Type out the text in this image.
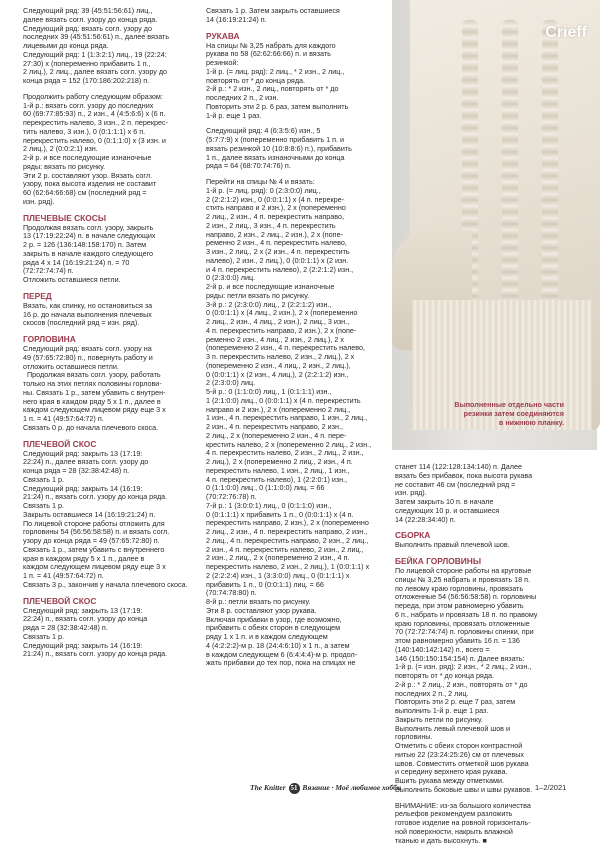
Crieff
Выполненные отдельно части
резинки затем соединяются
в нижнюю планку.
Следующий ряд: 39 (45:51:56:61) лиц.,
далее вязать согл. узору до конца ряда.
Следующий ряд: вязать согл. узору до
последних 39 (45:51:56:61) п., далее вязать
лицевыми до конца ряда.
Следующий ряд: 1 (1:3:2:1) лиц., 19 (22:24:
27:30) х (попеременно прибавить 1 п.,
2 лиц.), 2 лиц., далее вязать согл. узору до
конца ряда = 152 (170:186:202:218) п.
Продолжить работу следующим образом:
1-й р.: вязать согл. узору до последних
60 (69:77:85:93) п., 2 изн., 4 (4:5:6:6) х (6 п.
перекрестить налево, 3 изн., 2 п. перекрес-
тить налево, 3 изн.), 0 (0:1:1:1) х 6 п.
перекрестить налево, 0 (0:1:1:0) х (3 изн. и
2 лиц.), 2 (0:0:2:1) изн.
2-й р. и все последующие изнаночные
ряды: вязать по рисунку.
Эти 2 р. составляют узор. Вязать согл.
узору, пока высота изделия не составит
60 (62:64:66:68) см (последний ряд =
изн. ряд).
ПЛЕЧЕВЫЕ СКОСЫ
Продолжая вязать согл. узору, закрыть
13 (17:19:22:24) п. в начале следующих
2 р. = 126 (136:148:158:170) п. Затем
закрыть в начале каждого следующего
ряда 4 х 14 (16:19:21:24) п. = 70
(72:72:74:74) п.
Отложить оставшиеся петли.
ПЕРЕД
Вязать, как спинку, но остановиться за
16 р. до начала выполнения плечевых
скосов (последний ряд = изн. ряд).
ГОРЛОВИНА
Следующий ряд: вязать согл. узору на
49 (57:65:72:80) п., повернуть работу и
отложить оставшиеся петли.
Продолжая вязать согл. узору, работать
только на этих петлях половины горлови-
ны. Связать 1 р., затем убавить с внутрен-
него края в каждом ряду 5 х 1 п., далее в
каждом следующем лицевом ряду еще 3 х
1 п. = 41 (49:57:64:72) п.
Связать 0 р. до начала плечевого скоса.
ПЛЕЧЕВОЙ СКОС
Следующий ряд: закрыть 13 (17:19:
22:24) п., далее вязать согл. узору до
конца ряда = 28 (32:38:42:48) п.
Связать 1 р.
Следующий ряд: закрыть 14 (16:19:
21:24) п., вязать согл. узору до конца ряда.
Связать 1 р.
Закрыть оставшиеся 14 (16:19:21:24) п.
По лицевой стороне работы отложить для
горловины 54 (56:56:58:58) п. и вязать согл.
узору до конца ряда = 49 (57:65:72:80) п.
Связать 1 р., затем убавить с внутреннего
края в каждом ряду 5 х 1 п., далее в
каждом следующем лицевом ряду еще 3 х
1 п. = 41 (49:57:64:72) п.
Связать 3 р., закончив у начала плечевого скоса.
ПЛЕЧЕВОЙ СКОС
Следующий ряд: закрыть 13 (17:19:
22:24) п., вязать согл. узору до конца
ряда = 28 (32:38:42:48) п.
Связать 1 р.
Следующий ряд: закрыть 14 (16:19:
21:24) п., вязать согл. узору до конца ряда.
Связать 1 р. Затем закрыть оставшиеся
14 (16:19:21:24) п.
РУКАВА
На спицы № 3,25 набрать для каждого
рукава по 58 (62:62:66:66) п. и вязать
резинкой:
1-й р. (= лиц. ряд): 2 лиц., * 2 изн., 2 лиц.,
повторять от * до конца ряда.
2-й р.: * 2 изн., 2 лиц., повторять от * до
последних 2 п., 2 изн.
Повторить эти 2 р. 6 раз, затем выполнить
1-й р. еще 1 раз.
Следующий ряд: 4 (6:3:5:6) изн., 5
(5:7:7:9) х (попеременно прибавить 1 п. и
вязать резинкой 10 (10:8:8:6) п.), прибавить
1 п., далее вязать изнаночными до конца
ряда = 64 (68:70:74:76) п.
Перейти на спицы № 4 и вязать:
1-й р. (= лиц. ряд): 0 (2:3:0:0) лиц.,
2 (2:2:1:2) изн., 0 (0:0:1:1) х (4 п. перекре-
стить направо и 2 изн.), 2 х (попеременно
2 лиц., 2 изн., 4 п. перекрестить направо,
2 изн., 2 лиц., 3 изн., 4 п. перекрестить
направо, 2 изн., 2 лиц., 2 изн.), 2 х (попе-
ременно 2 изн., 4 п. перекрестить налево,
3 изн., 2 лиц., 2 х (2 изн., 4 п. перекрестить
налево), 2 изн., 2 лиц.), 0 (0:0:1:1) х (2 изн.
и 4 п. перекрестить налево), 2 (2:2:1:2) изн.,
0 (2:3:0:0) лиц.
2-й р. и все последующие изнаночные
ряды: петли вязать по рисунку.
3-й р.: 2 (2:3:0:0) лиц., 2 (2:2:1:2) изн.,
0 (0:0:1:1) х (4 лиц., 2 изн.), 2 х (попеременно
2 лиц., 2 изн., 4 лиц., 2 изн.), 2 лиц., 3 изн.,
4 п. перекрестить направо, 2 изн.), 2 х (попе-
ременно 2 изн., 4 лиц., 2 изн., 2 лиц.), 2 х
(попеременно 2 изн., 4 п. перекрестить налево,
3 п. перекрестить налево, 2 изн., 2 лиц.), 2 х
(попеременно 2 изн., 4 лиц., 2 изн., 2 лиц.),
0 (0:0:1:1) х (2 изн., 4 лиц.), 2 (2:2:1:2) изн.,
2 (2:3:0:0) лиц.
5-й р.: 0 (1:1:0:0) лиц., 1 (0:1:1:1) изн.,
1 (2:1:0:0) лиц., 0 (0:0:1:1) х (4 п. перекрестить
направо и 2 изн.), 2 х (попеременно 2 лиц.,
1 изн., 4 п. перекрестить направо, 1 изн., 2 лиц.,
2 изн., 4 п. перекрестить направо, 2 изн.,
2 лиц., 2 х (попеременно 2 изн., 4 п. пере-
крестить налево, 2 х (попеременно 2 лиц., 2 изн.,
4 п. перекрестить налево, 2 изн., 2 лиц., 2 изн.,
2 лиц.), 2 х (попеременно 2 лиц., 2 изн., 4 п.
перекрестить налево, 1 изн., 2 лиц., 1 изн.,
4 п. перекрестить налево), 1 (2:2:0:1) изн.,
0 (1:1:0:0) лиц., 0 (1:1:0:0) лиц. = 66
(70:72:76:78) п.
7-й р.: 1 (3:0:0:1) лиц., 0 (0:1:1:0) изн.,
0 (0:1:1:1) х прибавить 1 п., 0 (0:0:1:1) х (4 п.
перекрестить направо, 2 изн.), 2 х (попеременно
2 лиц., 2 изн., 4 п. перекрестить направо, 2 изн.,
2 лиц., 4 п. перекрестить направо, 2 изн., 2 лиц.,
2 изн., 4 п. перекрестить налево, 2 изн., 2 лиц.,
2 изн., 2 лиц., 2 х (попеременно 2 изн., 4 п.
перекрестить налево, 2 изн., 2 лиц.), 1 (0:0:1:1) х
2 (2:2:2:4) изн., 1 (3:3:0:0) лиц., 0 (0:1:1:1) х
прибавить 1 п., 0 (0:0:1:1) лиц. = 66
(70:74:78:80) п.
8-й р.: петли вязать по рисунку.
Эти 8 р. составляют узор рукава.
Включая прибавки в узор, где возможно,
прибавить с обеих сторон в следующем
ряду 1 х 1 п. и в каждом следующем
4 (4:2:2:2)-м р. 18 (24:4:6:10) х 1 п., а затем
в каждом следующем 6 (6:4:4:4)-м р. продол-
жать прибавки до тех пор, пока на спицах не
станет 114 (122:128:134:140) п. Далее
вязать без прибавок, пока высота рукава
не составит 46 см (последний ряд =
изн. ряд).
Затем закрыть 10 п. в начале
следующих 10 р. и оставшиеся
14 (22:28:34:40) п.
СБОРКА
Выполнить правый плечевой шов.
БЕЙКА ГОРЛОВИНЫ
По лицевой стороне работы на круговые
спицы № 3,25 набрать и провязать 18 п.
по левому краю горловины, провязать
отложенные 54 (56:56:58:58) п. горловины
переда, при этом равномерно убавить
6 п., набрать и провязать 18 п. по правому
краю горловины, провязать отложенные
70 (72:72:74:74) п. горловины спинки, при
этом равномерно убавить 16 п. = 136
(140:140:142:142) п., всего =
146 (150:150:154:154) п. Далее вязать:
1-й р. (= изн. ряд): 2 изн., * 2 лиц., 2 изн.,
повторять от * до конца ряда.
2-й р.: * 2 лиц., 2 изн., повторять от * до
последних 2 п., 2 лиц.
Повторить эти 2 р. еще 7 раз, затем
выполнить 1-й р. еще 1 раз.
Закрыть петли по рисунку.
Выполнить левый плечевой шов и
горловины.
Отметить с обеих сторон контрастной
нитью 22 (23:24:25:26) см от плечевых
швов. Совместить отметкой шов рукава
и середину верхнего края рукава.
Вшить рукава между отметками.
Выполнить боковые швы и швы рукавов.
ВНИМАНИЕ: из-за большого количества
рельефов рекомендуем разложить
готовое изделие на ровной горизонталь-
ной поверхности, накрыть влажной
тканью и дать высохнуть. ■
The Knitter 51 Вязание · Моё любимое хобби	1–2/2021
